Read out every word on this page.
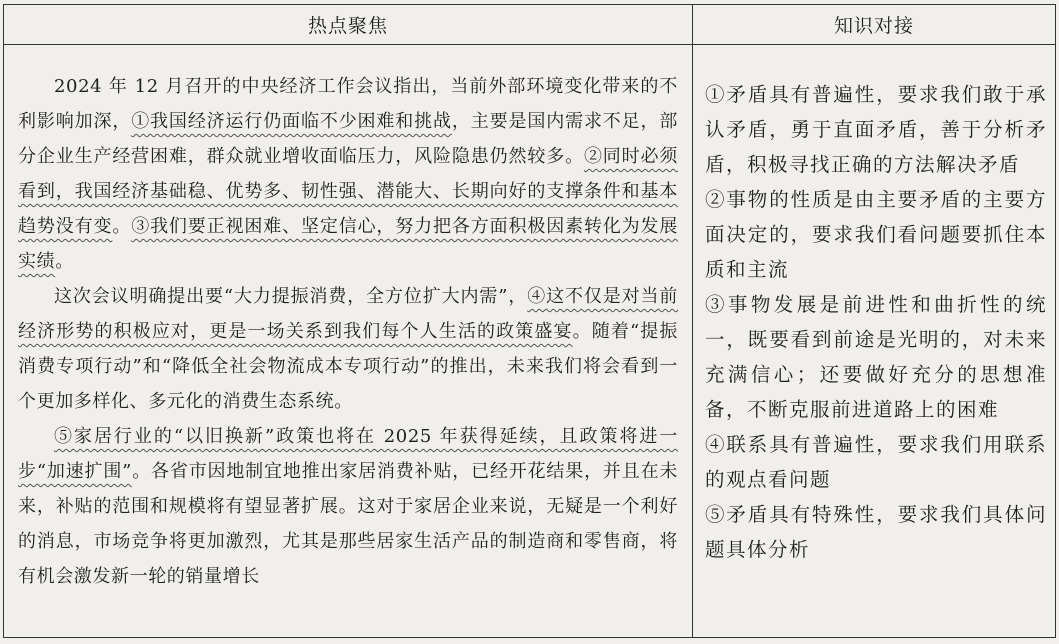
热点聚焦	知识对接

2024 年 12 月召开的中央经济工作会议指出，当前外部环境变化带来的不利影响加深，①我国经济运行仍面临不少困难和挑战，主要是国内需求不足，部分企业生产经营困难，群众就业增收面临压力，风险隐患仍然较多。②同时必须看到，我国经济基础稳、优势多、韧性强、潜能大、长期向好的支撑条件和基本趋势没有变。③我们要正视困难、坚定信心，努力把各方面积极因素转化为发展实绩。

这次会议明确提出要“大力提振消费，全方位扩大内需”，④这不仅是对当前经济形势的积极应对，更是一场关系到我们每个人生活的政策盛宴。随着“提振消费专项行动”和“降低全社会物流成本专项行动”的推出，未来我们将会看到一个更加多样化、多元化的消费生态系统。

⑤家居行业的“以旧换新”政策也将在 2025 年获得延续，且政策将进一步“加速扩围”。各省市因地制宜地推出家居消费补贴，已经开花结果，并且在未来，补贴的范围和规模将有望显著扩展。这对于家居企业来说，无疑是一个利好的消息，市场竞争将更加激烈，尤其是那些居家生活产品的制造商和零售商，将有机会激发新一轮的销量增长

①矛盾具有普遍性，要求我们敢于承认矛盾，勇于直面矛盾，善于分析矛盾，积极寻找正确的方法解决矛盾

②事物的性质是由主要矛盾的主要方面决定的，要求我们看问题要抓住本质和主流

③事物发展是前进性和曲折性的统一，既要看到前途是光明的，对未来充满信心；还要做好充分的思想准备，不断克服前进道路上的困难

④联系具有普遍性，要求我们用联系的观点看问题

⑤矛盾具有特殊性，要求我们具体问题具体分析
